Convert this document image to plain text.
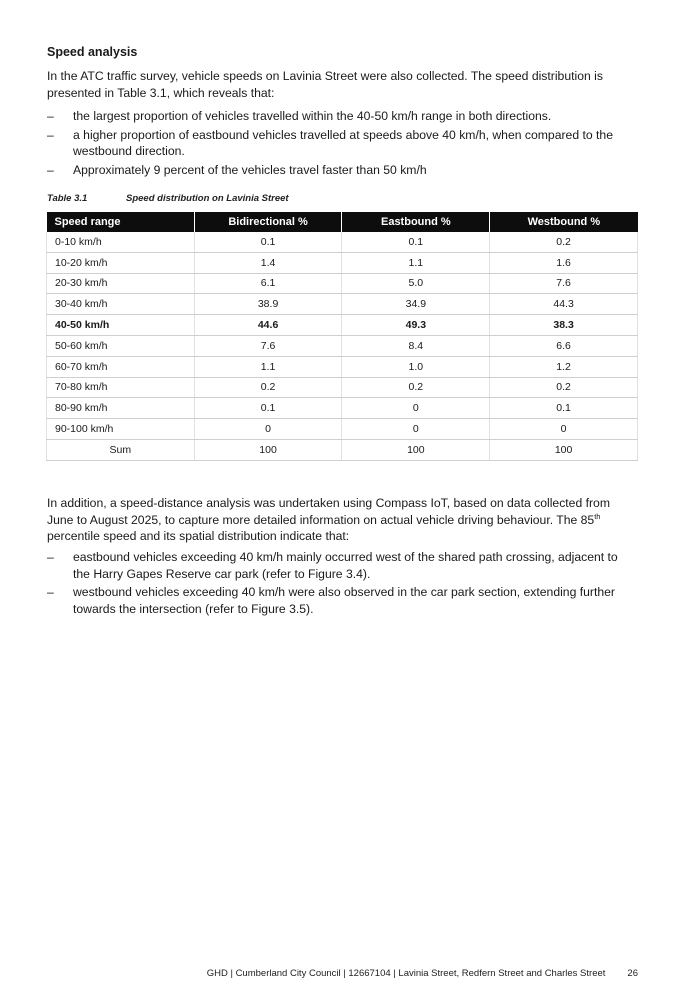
Speed analysis

In the ATC traffic survey, vehicle speeds on Lavinia Street were also collected. The speed distribution is presented in Table 3.1, which reveals that:

– the largest proportion of vehicles travelled within the 40-50 km/h range in both directions.
– a higher proportion of eastbound vehicles travelled at speeds above 40 km/h, when compared to the westbound direction.
– Approximately 9 percent of the vehicles travel faster than 50 km/h
Table 3.1	Speed distribution on Lavinia Street
Speed range	Bidirectional %	Eastbound %	Westbound %
0-10 km/h	0.1	0.1	0.2
10-20 km/h	1.4	1.1	1.6
20-30 km/h	6.1	5.0	7.6
30-40 km/h	38.9	34.9	44.3
40-50 km/h	44.6	49.3	38.3
50-60 km/h	7.6	8.4	6.6
60-70 km/h	1.1	1.0	1.2
70-80 km/h	0.2	0.2	0.2
80-90 km/h	0.1	0	0.1
90-100 km/h	0	0	0
Sum	100	100	100

In addition, a speed-distance analysis was undertaken using Compass IoT, based on data collected from June to August 2025, to capture more detailed information on actual vehicle driving behaviour. The 85th percentile speed and its spatial distribution indicate that:

– eastbound vehicles exceeding 40 km/h mainly occurred west of the shared path crossing, adjacent to the Harry Gapes Reserve car park (refer to Figure 3.4).
– westbound vehicles exceeding 40 km/h were also observed in the car park section, extending further towards the intersection (refer to Figure 3.5).
GHD | Cumberland City Council | 12667104 | Lavinia Street, Redfern Street and Charles Street 26
